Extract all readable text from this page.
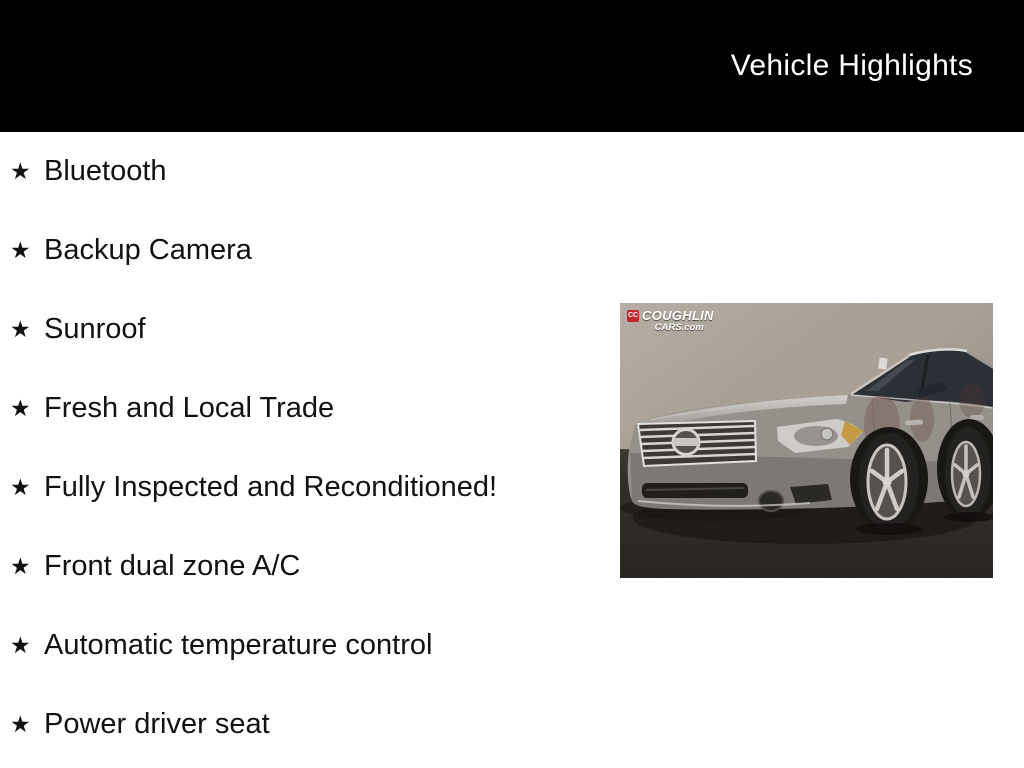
Vehicle Highlights
★ Bluetooth
★ Backup Camera
★ Sunroof
★ Fresh and Local Trade
★ Fully Inspected and Reconditioned!
★ Front dual zone A/C
★ Automatic temperature control
★ Power driver seat
CC COUGHLIN
CARS.com
